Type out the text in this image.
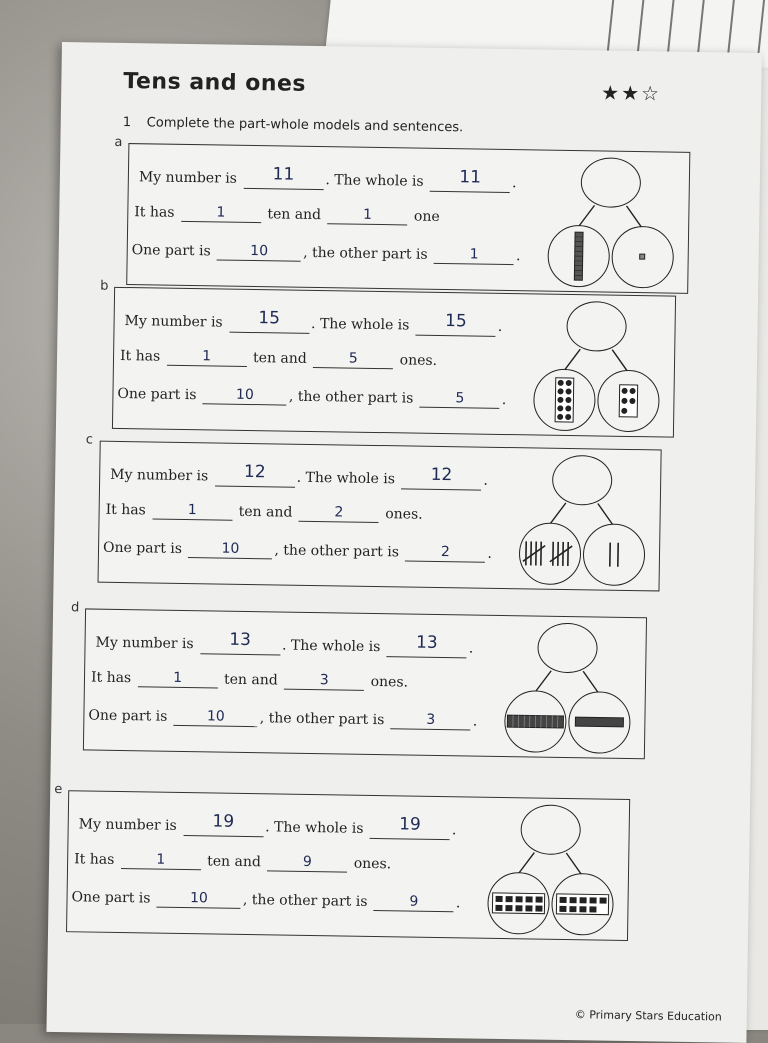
Tens and ones	★★☆
1 Complete the part-whole models and sentences.
a
My number is 11 . The whole is 11 .
It has	1	ten and	1	one
One part is	10 , the other part is	1	.
b
My number is 15 . The whole is 15 .
It has	1	ten and	5	ones.
One part is	10 , the other part is	5	.
c
My number is 12 . The whole is 12 .
It has	1	ten and	2	ones.
One part is	10 , the other part is	2	.
d
My number is 13 . The whole is 13 .
It has	1	ten and	3	ones.
One part is	10 , the other part is	3	.
e
My number is 19 . The whole is 19 .
It has	1	ten and	9	ones.
One part is	10 , the other part is	9	.
© Primary Stars Education
